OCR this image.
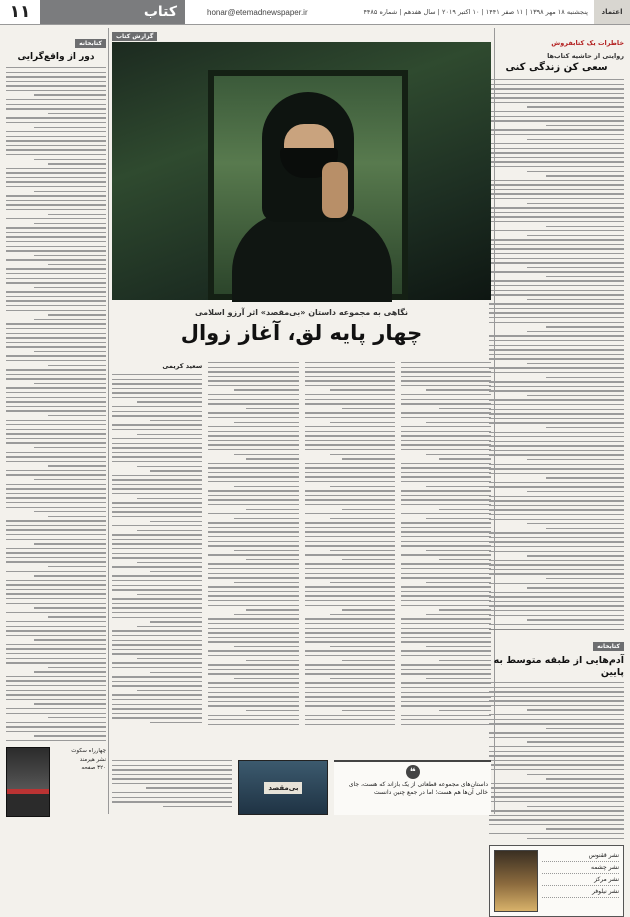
۱۱	کتاب	honar@etemadnewspaper.ir	پنجشنبه ۱۸ مهر ۱۳۹۸ | ۱۱ صفر ۱۴۴۱ | ۱۰ اکتبر ۲۰۱۹ | سال هفدهم | شماره ۴۴۸۵	اعتماد
خاطرات یک کتابفروش
روایتی از حاشیه کتاب‌ها
سعی کن زندگی کنی
کتابخانه
آدم‌هایی از طبقه متوسط به پایین
نشر ققنوس
نشر چشمه
نشر مرکز
نشر نیلوفر
گزارش کتاب
نگاهی به مجموعه داستان «بی‌مقصد» اثر آرزو اسلامی
چهار پایه لق، آغاز زوال
سعید کریمی
❝
داستان‌های مجموعه قطعاتی از یک بازاند که هست، جای خالی آن‌ها هم هست؛ اما در جمع چنین دانست
بی‌مقصد
کتابخانه
دور از واقع‌گرایی
چهارراه سکوت
نشر هیرمند
۳۲۰ صفحه
